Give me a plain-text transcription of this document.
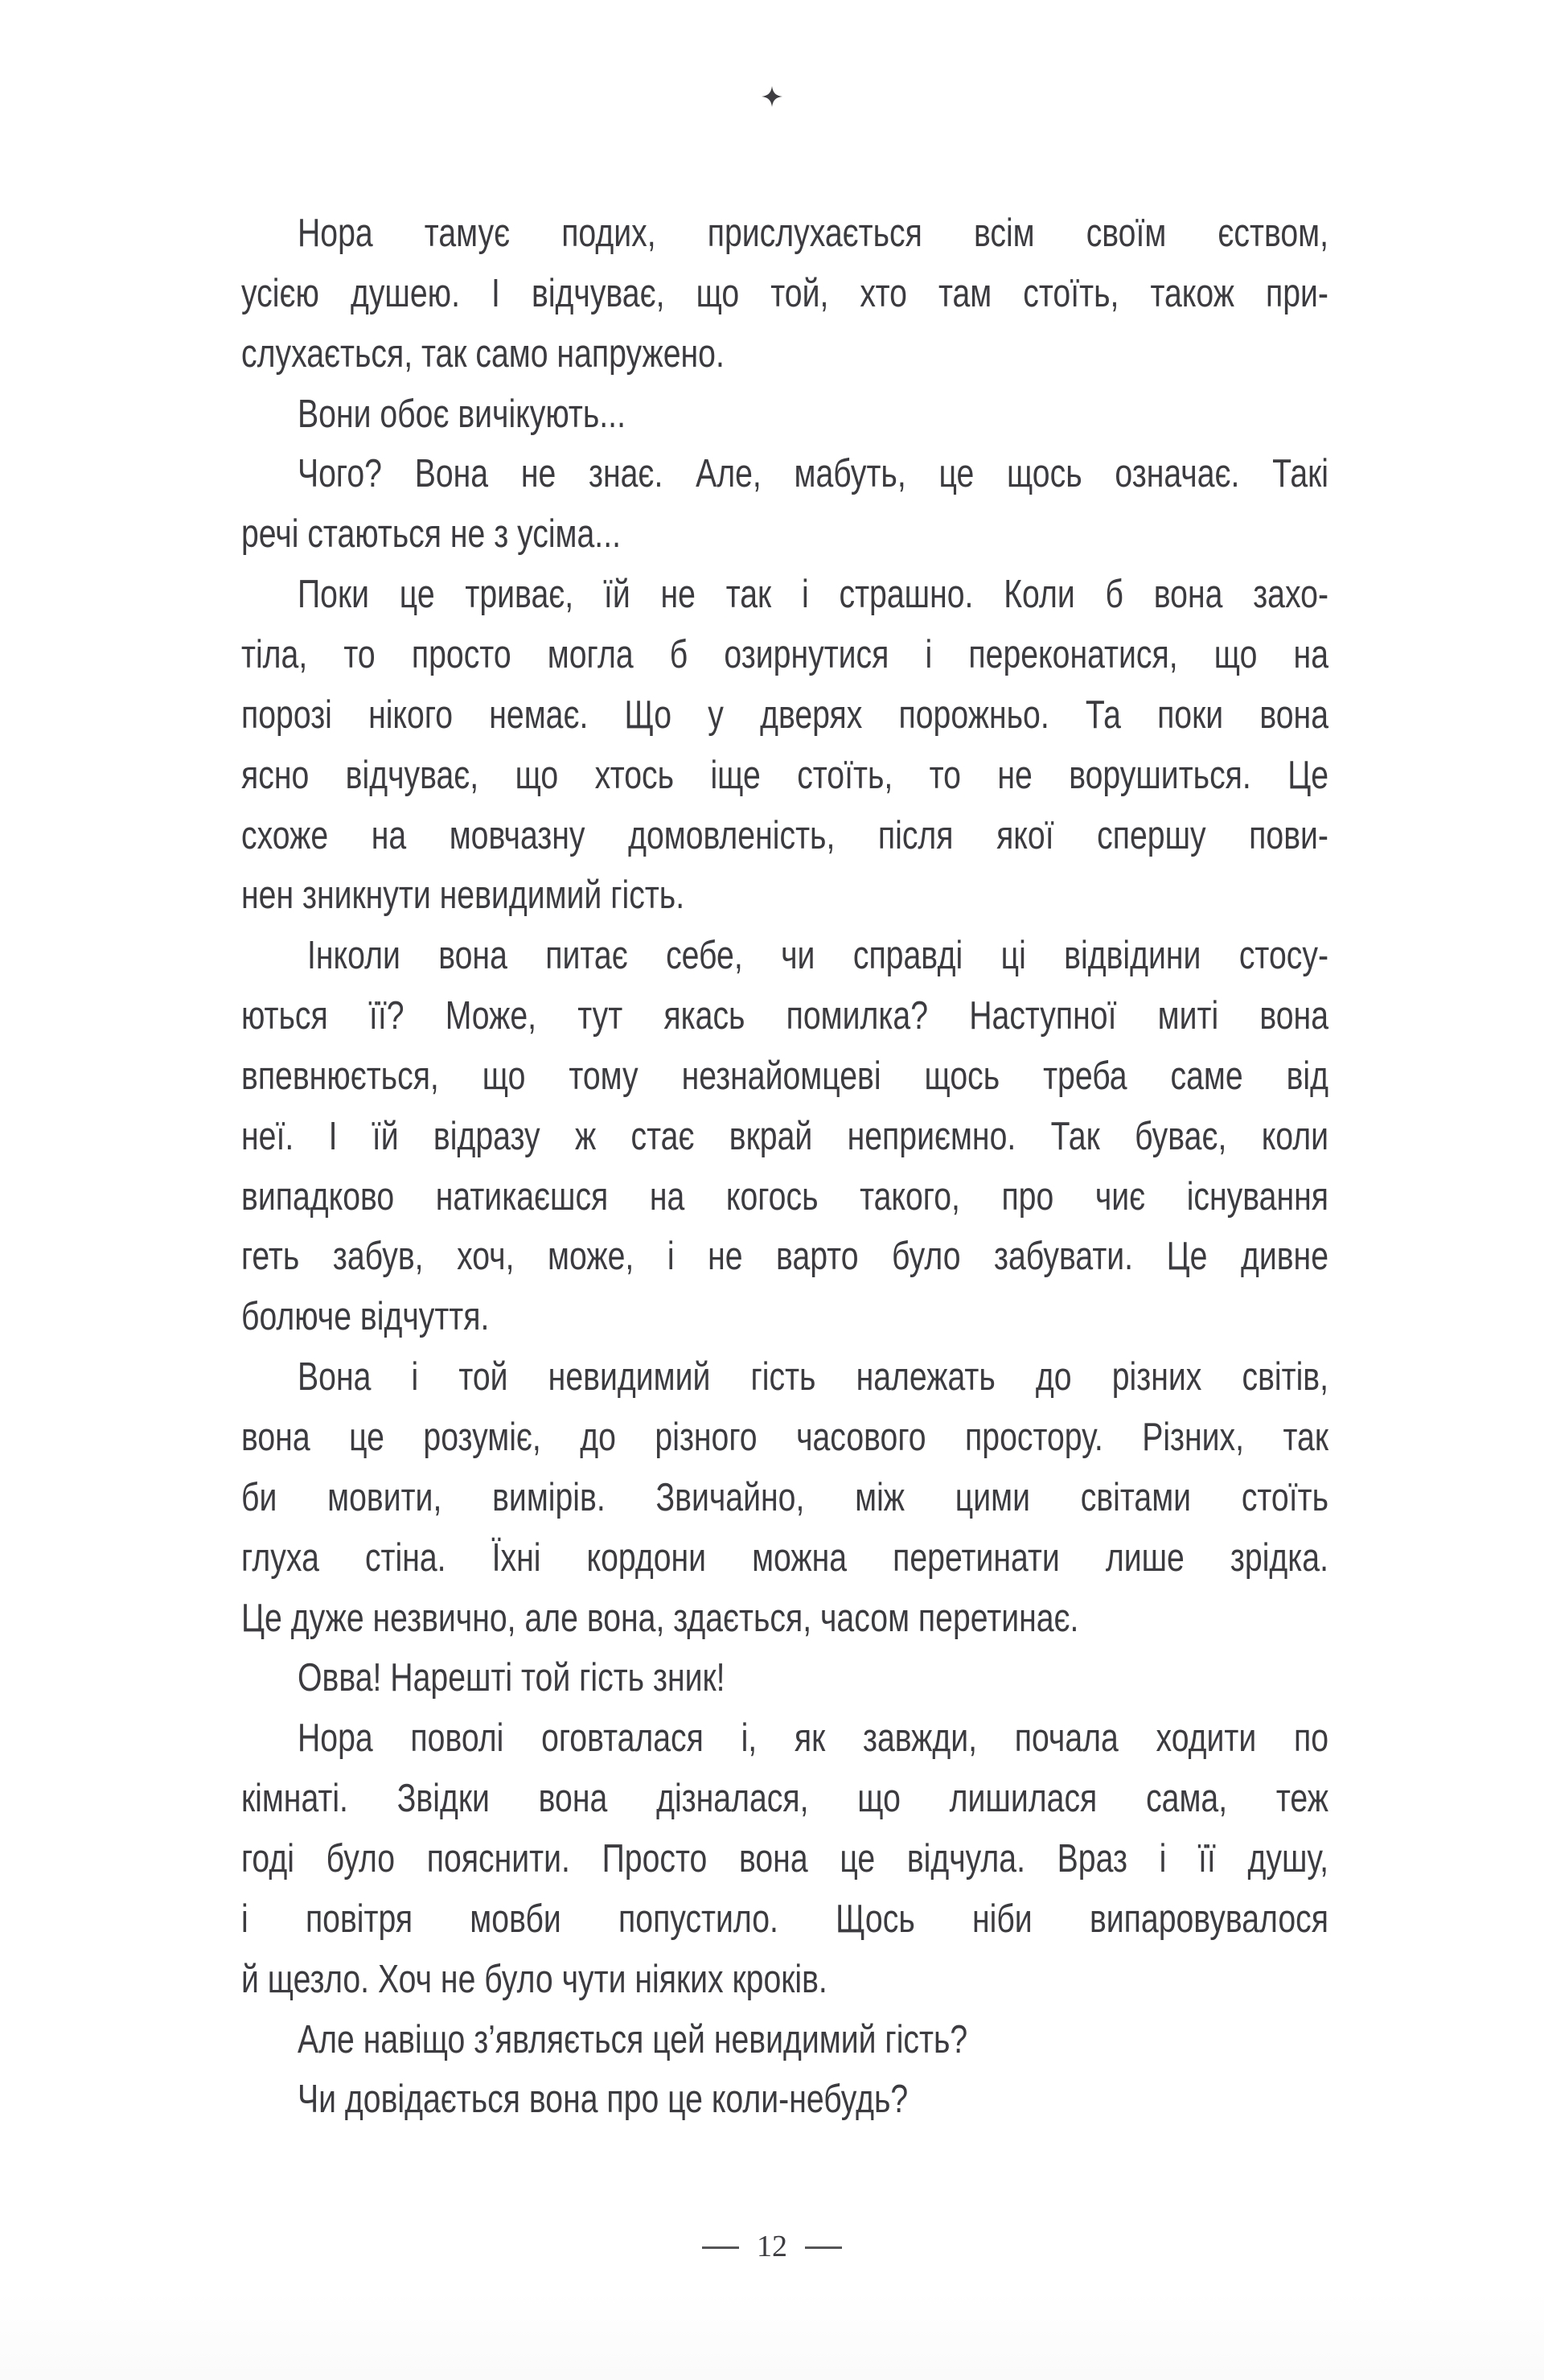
Нора тамує подих, прислухається всім своїм єством,
усією душею. І відчуває, що той, хто там стоїть, також при-
слухається, так само напружено.
Вони обоє вичікують...
Чого? Вона не знає. Але, мабуть, це щось означає. Такі
речі стаються не з усіма...
Поки це триває, їй не так і страшно. Коли б вона захо-
тіла, то просто могла б озирнутися і переконатися, що на
порозі нікого немає. Що у дверях порожньо. Та поки вона
ясно відчуває, що хтось іще стоїть, то не ворушиться. Це
схоже на мовчазну домовленість, після якої спершу пови-
нен зникнути невидимий гість.
Інколи вона питає себе, чи справді ці відвідини стосу-
ються її? Може, тут якась помилка? Наступної миті вона
впевнюється, що тому незнайомцеві щось треба саме від
неї. І їй відразу ж стає вкрай неприємно. Так буває, коли
випадково натикаєшся на когось такого, про чиє існування
геть забув, хоч, може, і не варто було забувати. Це дивне
болюче відчуття.
Вона і той невидимий гість належать до різних світів,
вона це розуміє, до різного часового простору. Різних, так
би мовити, вимірів. Звичайно, між цими світами стоїть
глуха стіна. Їхні кордони можна перетинати лише зрідка.
Це дуже незвично, але вона, здається, часом перетинає.
Овва! Нарешті той гість зник!
Нора поволі оговталася і, як завжди, почала ходити по
кімнаті. Звідки вона дізналася, що лишилася сама, теж
годі було пояснити. Просто вона це відчула. Враз і її душу,
і повітря мовби попустило. Щось ніби випаровувалося
й щезло. Хоч не було чути ніяких кроків.
Але навіщо з’являється цей невидимий гість?
Чи довідається вона про це коли-небудь?
12
